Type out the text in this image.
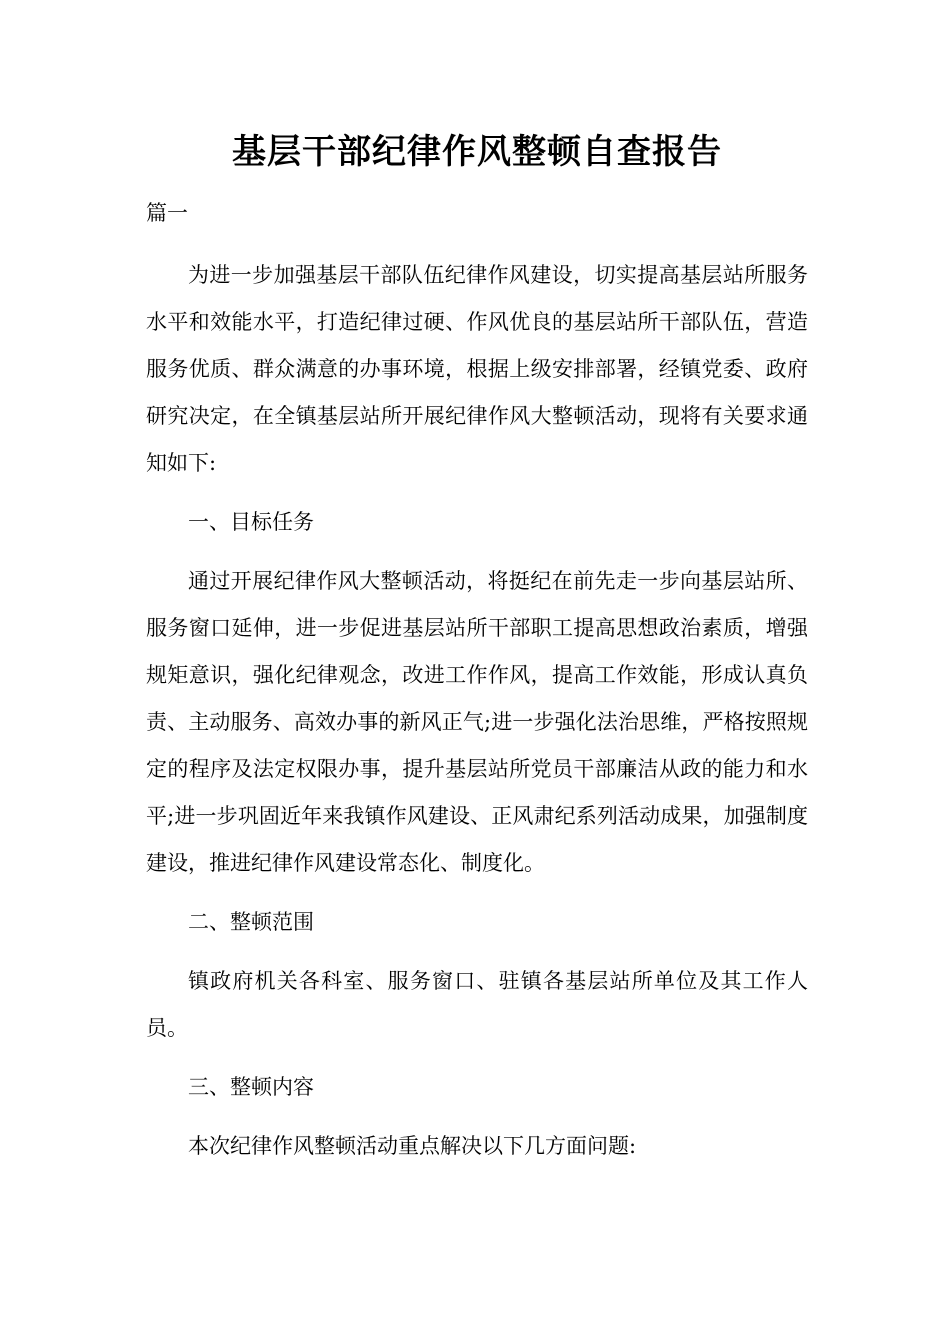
基层干部纪律作风整顿自查报告
篇一

为进一步加强基层干部队伍纪律作风建设，切实提高基层站所服务水平和效能水平，打造纪律过硬、作风优良的基层站所干部队伍，营造服务优质、群众满意的办事环境，根据上级安排部署，经镇党委、政府研究决定，在全镇基层站所开展纪律作风大整顿活动，现将有关要求通知如下:

一、目标任务

通过开展纪律作风大整顿活动，将挺纪在前先走一步向基层站所、服务窗口延伸，进一步促进基层站所干部职工提高思想政治素质，增强规矩意识，强化纪律观念，改进工作作风，提高工作效能，形成认真负责、主动服务、高效办事的新风正气;进一步强化法治思维，严格按照规定的程序及法定权限办事，提升基层站所党员干部廉洁从政的能力和水平;进一步巩固近年来我镇作风建设、正风肃纪系列活动成果，加强制度建设，推进纪律作风建设常态化、制度化。

二、整顿范围

镇政府机关各科室、服务窗口、驻镇各基层站所单位及其工作人员。

三、整顿内容

本次纪律作风整顿活动重点解决以下几方面问题:
